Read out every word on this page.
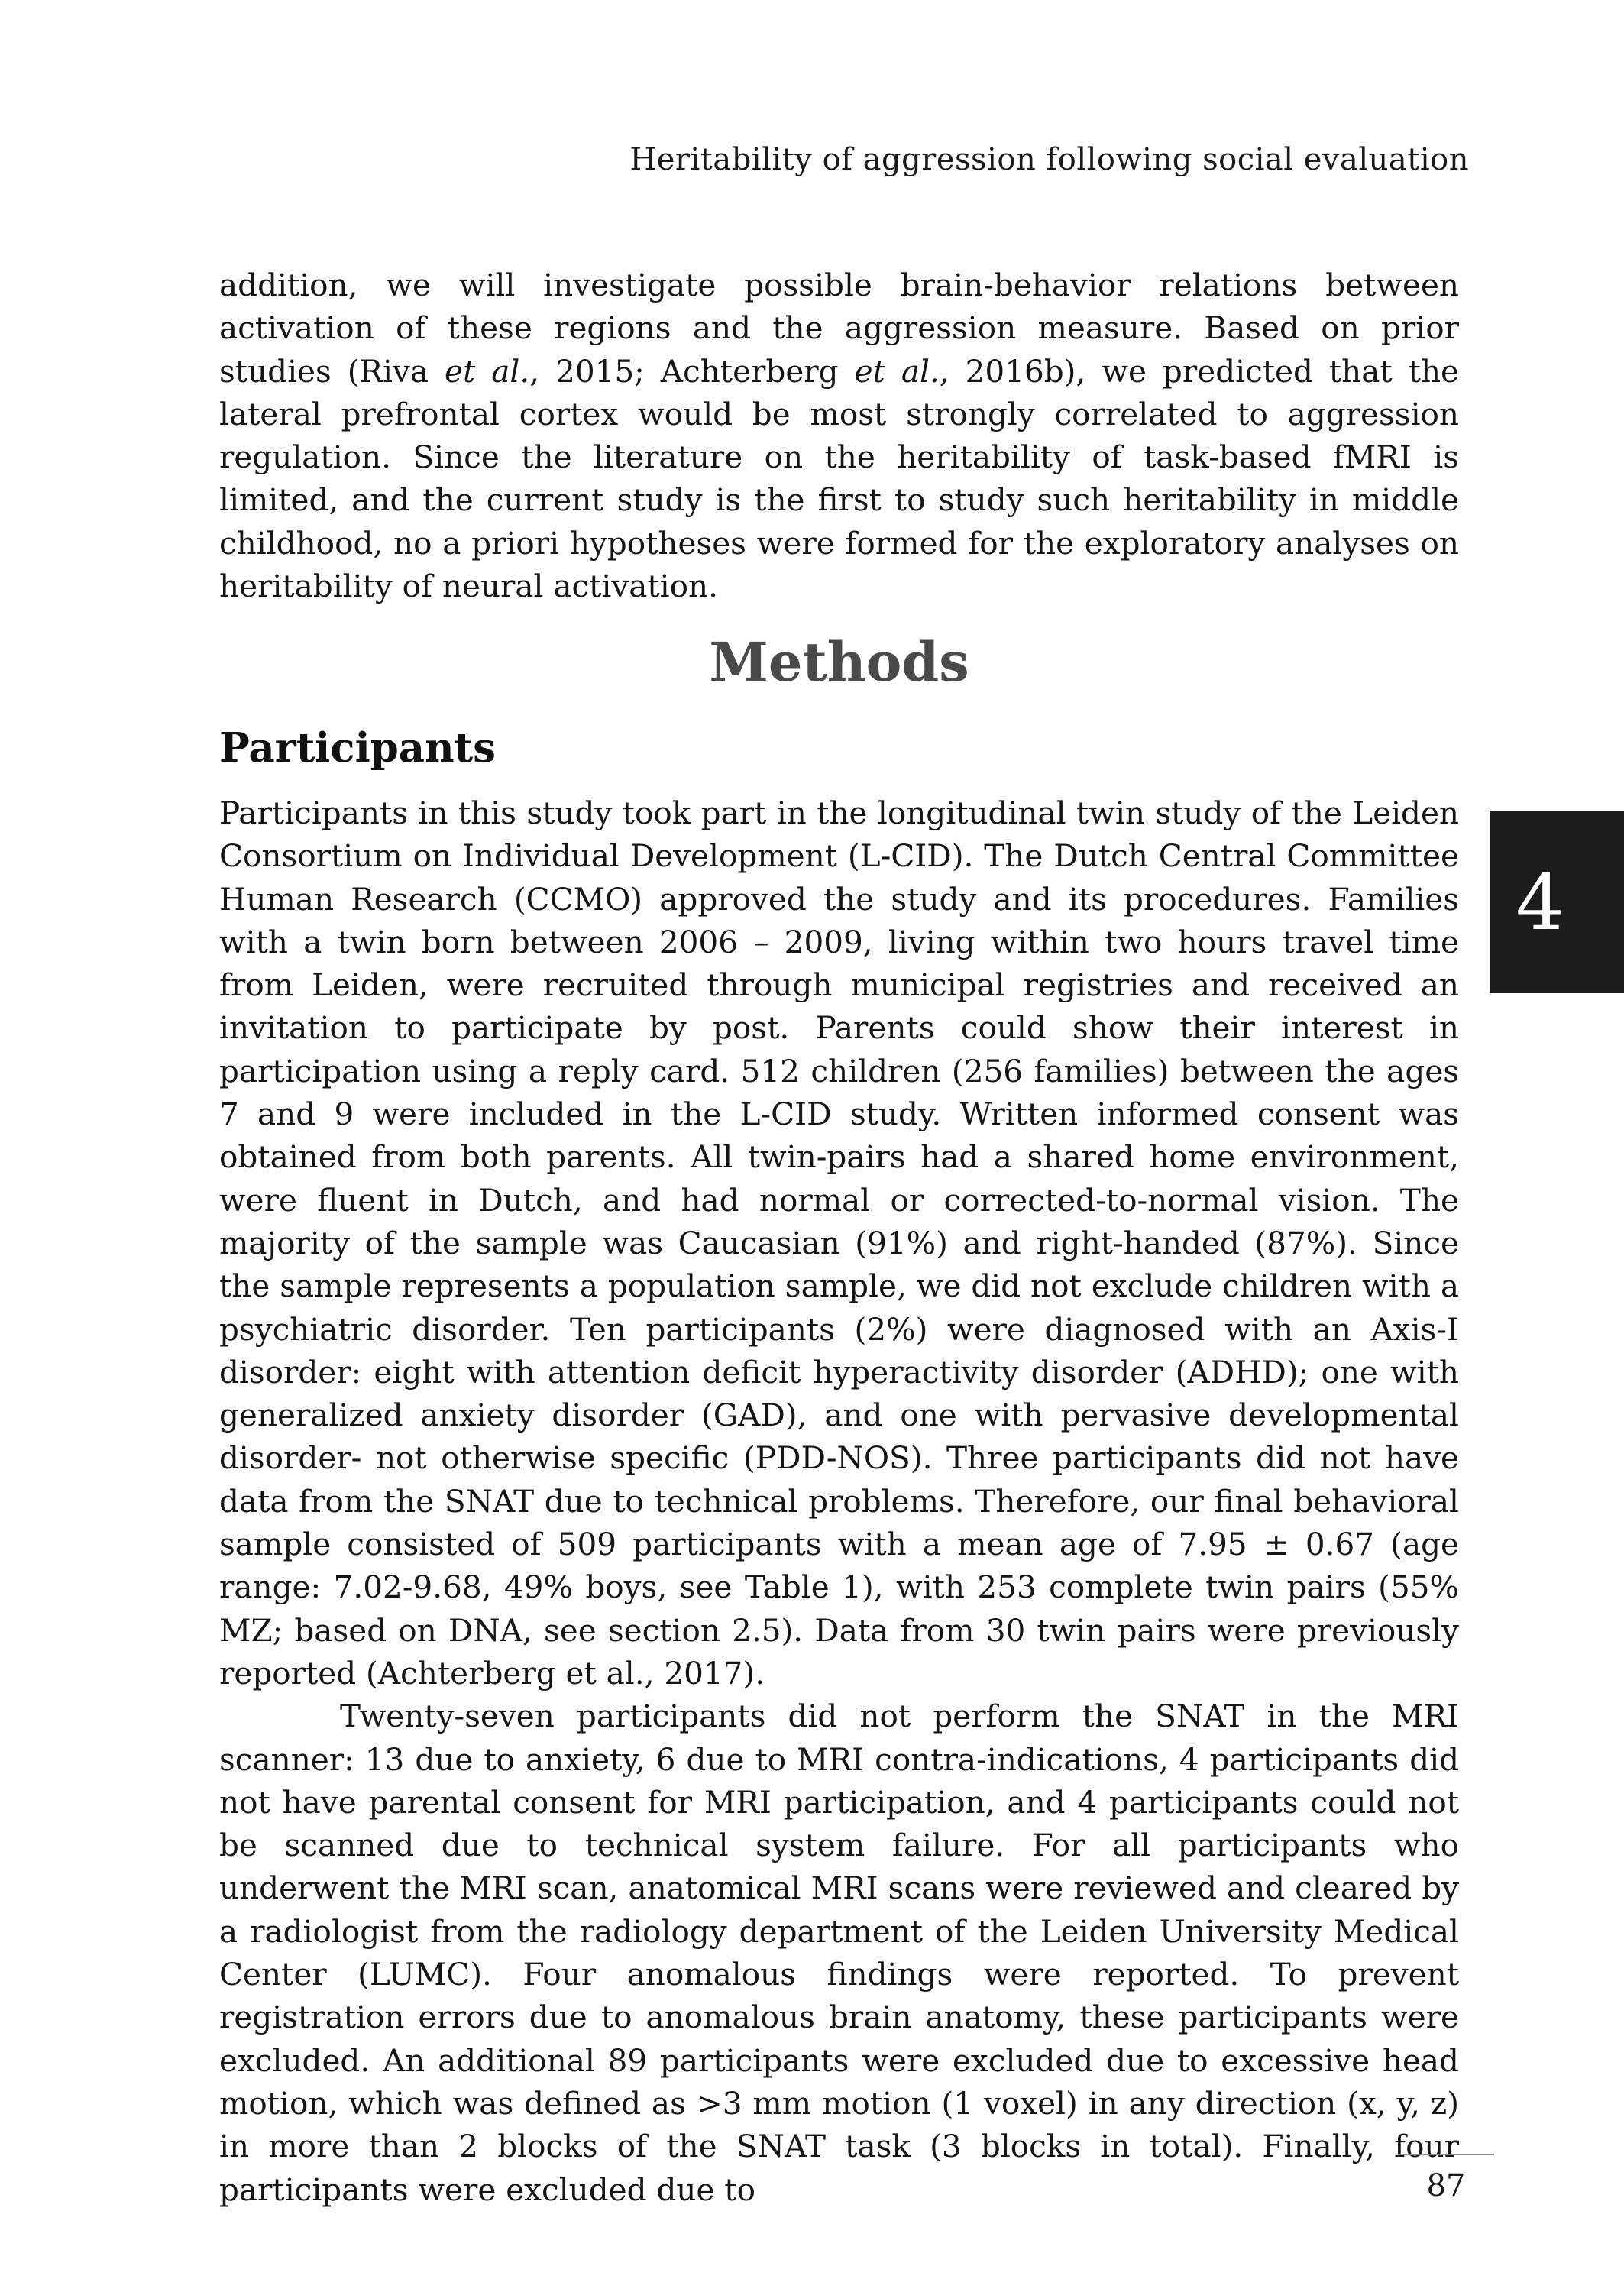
Heritability of aggression following social evaluation

addition, we will investigate possible brain-behavior relations between activation of these regions and the aggression measure. Based on prior studies (Riva et al., 2015; Achterberg et al., 2016b), we predicted that the lateral prefrontal cortex would be most strongly correlated to aggression regulation. Since the literature on the heritability of task-based fMRI is limited, and the current study is the first to study such heritability in middle childhood, no a priori hypotheses were formed for the exploratory analyses on heritability of neural activation.

Methods
Participants

Participants in this study took part in the longitudinal twin study of the Leiden Consortium on Individual Development (L-CID). The Dutch Central Committee Human Research (CCMO) approved the study and its procedures. Families with a twin born between 2006 – 2009, living within two hours travel time from Leiden, were recruited through municipal registries and received an invitation to participate by post. Parents could show their interest in participation using a reply card. 512 children (256 families) between the ages 7 and 9 were included in the L-CID study. Written informed consent was obtained from both parents. All twin-pairs had a shared home environment, were fluent in Dutch, and had normal or corrected-to-normal vision. The majority of the sample was Caucasian (91%) and right-handed (87%). Since the sample represents a population sample, we did not exclude children with a psychiatric disorder. Ten participants (2%) were diagnosed with an Axis-I disorder: eight with attention deficit hyperactivity disorder (ADHD); one with generalized anxiety disorder (GAD), and one with pervasive developmental disorder- not otherwise specific (PDD-NOS). Three participants did not have data from the SNAT due to technical problems. Therefore, our final behavioral sample consisted of 509 participants with a mean age of 7.95 ± 0.67 (age range: 7.02-9.68, 49% boys, see Table 1), with 253 complete twin pairs (55% MZ; based on DNA, see section 2.5). Data from 30 twin pairs were previously reported (Achterberg et al., 2017).

Twenty-seven participants did not perform the SNAT in the MRI scanner: 13 due to anxiety, 6 due to MRI contra-indications, 4 participants did not have parental consent for MRI participation, and 4 participants could not be scanned due to technical system failure. For all participants who underwent the MRI scan, anatomical MRI scans were reviewed and cleared by a radiologist from the radiology department of the Leiden University Medical Center (LUMC). Four anomalous findings were reported. To prevent registration errors due to anomalous brain anatomy, these participants were excluded. An additional 89 participants were excluded due to excessive head motion, which was defined as >3 mm motion (1 voxel) in any direction (x, y, z) in more than 2 blocks of the SNAT task (3 blocks in total). Finally, four participants were excluded due to

4
87
